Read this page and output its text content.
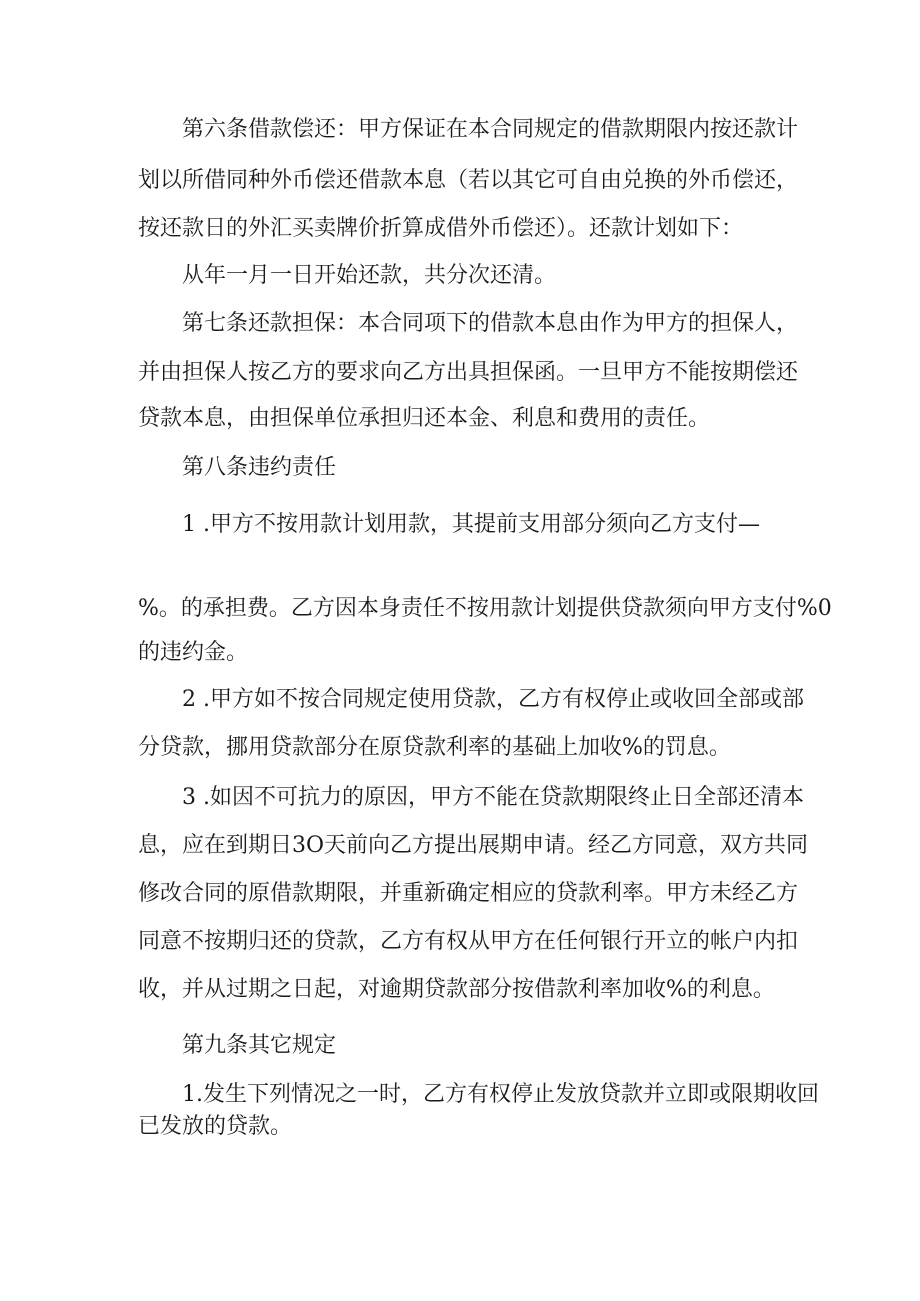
第六条借款偿还：甲方保证在本合同规定的借款期限内按还款计
划以所借同种外币偿还借款本息（若以其它可自由兑换的外币偿还，
按还款日的外汇买卖牌价折算成借外币偿还）。还款计划如下：
从年一月一日开始还款，共分次还清。
第七条还款担保：本合同项下的借款本息由作为甲方的担保人，
并由担保人按乙方的要求向乙方出具担保函。一旦甲方不能按期偿还
贷款本息，由担保单位承担归还本金、利息和费用的责任。
第八条违约责任
1 .甲方不按用款计划用款，其提前支用部分须向乙方支付—
%。的承担费。乙方因本身责任不按用款计划提供贷款须向甲方支付%0
的违约金。
2 .甲方如不按合同规定使用贷款，乙方有权停止或收回全部或部
分贷款，挪用贷款部分在原贷款利率的基础上加收%的罚息。
3 .如因不可抗力的原因，甲方不能在贷款期限终止日全部还清本
息，应在到期日3O天前向乙方提出展期申请。经乙方同意，双方共同
修改合同的原借款期限，并重新确定相应的贷款利率。甲方未经乙方
同意不按期归还的贷款，乙方有权从甲方在任何银行开立的帐户内扣
收，并从过期之日起，对逾期贷款部分按借款利率加收%的利息。
第九条其它规定
1.发生下列情况之一时，乙方有权停止发放贷款并立即或限期收回
已发放的贷款。
